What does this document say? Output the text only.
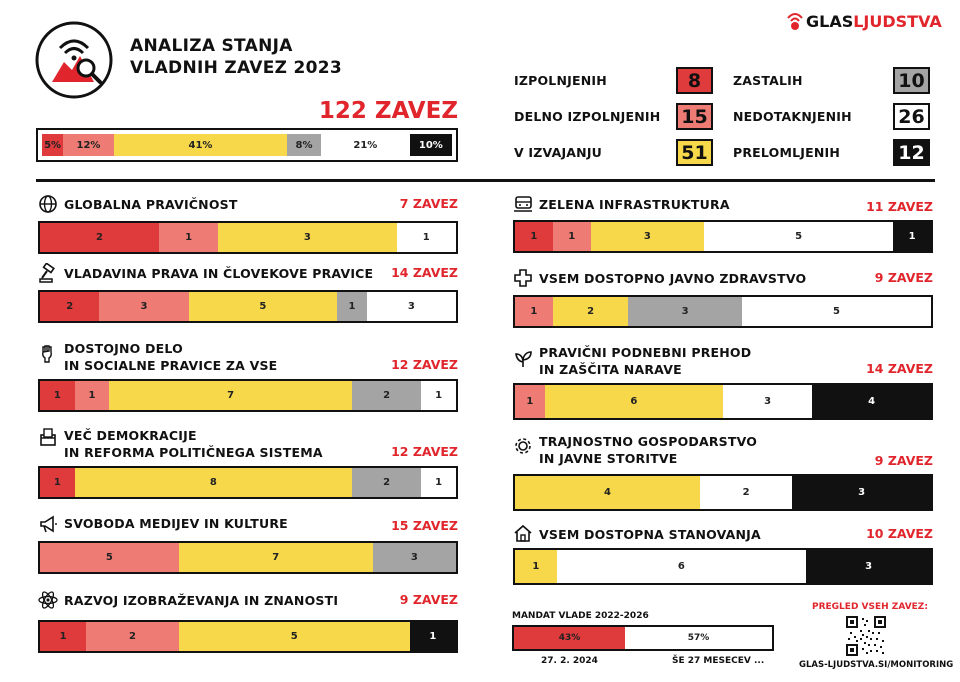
ANALIZA STANJA
VLADNIH ZAVEZ 2023
GLAS LJUDSTVA
122 ZAVEZ
5%	12%	41%	8%	21%	10%
IZPOLNJENIH	8
DELNO IZPOLNJENIH 15
V IZVAJANJU	51
ZASTALIH	10
NEDOTAKNJENIH 26
PRELOMLJENIH	12
GLOBALNA PRAVIČNOST	7 ZAVEZ
2	1	3	1
VLADAVINA PRAVA IN ČLOVEKOVE PRAVICE	14 ZAVEZ
2	3	5	1	3
DOSTOJNO DELO
IN SOCIALNE PRAVICE ZA VSE	12 ZAVEZ
1	1	7	2	1
VEČ DEMOKRACIJE
IN REFORMA POLITIČNEGA SISTEMA	12 ZAVEZ
1	8	2	1
SVOBODA MEDIJEV IN KULTURE	15 ZAVEZ
5	7	3
RAZVOJ IZOBRAŽEVANJA IN ZNANOSTI	9 ZAVEZ
1	2	5	1
ZELENA INFRASTRUKTURA	11 ZAVEZ
1	1	3	5	1
VSEM DOSTOPNO JAVNO ZDRAVSTVO	9 ZAVEZ
1	2	3	5
PRAVIČNI PODNEBNI PREHOD
IN ZAŠČITA NARAVE	14 ZAVEZ
1	6	3	4
TRAJNOSTNO GOSPODARSTVO
IN JAVNE STORITVE	9 ZAVEZ
4	2	3
VSEM DOSTOPNA STANOVANJA	10 ZAVEZ
1	6	3
MANDAT VLADE 2022-2026
43%	57%
27. 2. 2024	ŠE 27 MESECEV ...
PREGLED VSEH ZAVEZ:
GLAS-LJUDSTVA.SI/MONITORING
